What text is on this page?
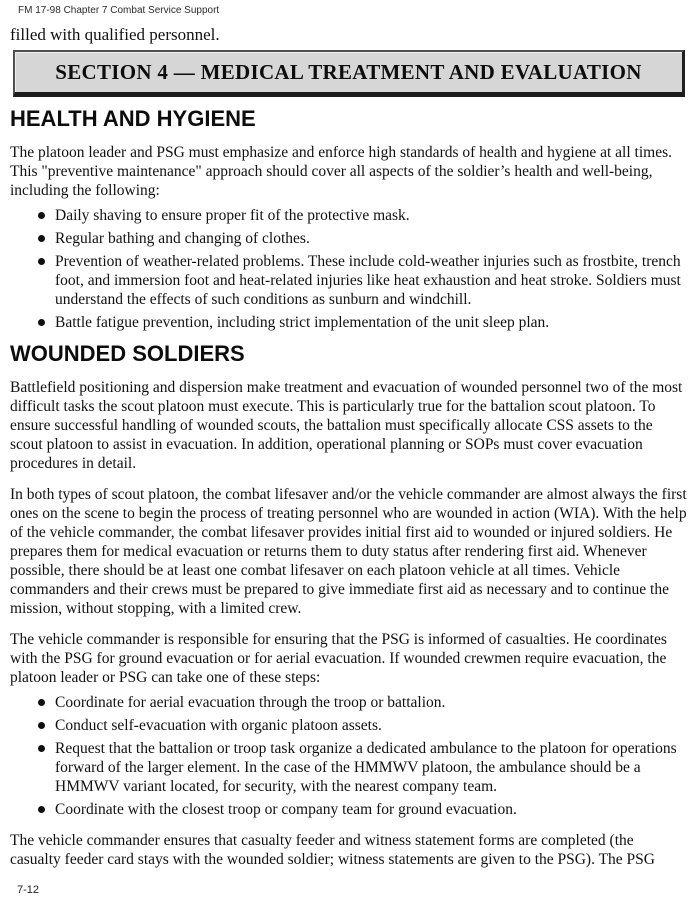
FM 17-98 Chapter 7 Combat Service Support

filled with qualified personnel.

SECTION 4 — MEDICAL TREATMENT AND EVALUATION
HEALTH AND HYGIENE

The platoon leader and PSG must emphasize and enforce high standards of health and hygiene at all times. This "preventive maintenance" approach should cover all aspects of the soldier’s health and well-being, including the following:

Daily shaving to ensure proper fit of the protective mask.
Regular bathing and changing of clothes.
Prevention of weather-related problems. These include cold-weather injuries such as frostbite, trench foot, and immersion foot and heat-related injuries like heat exhaustion and heat stroke. Soldiers must understand the effects of such conditions as sunburn and windchill.
Battle fatigue prevention, including strict implementation of the unit sleep plan.
WOUNDED SOLDIERS

Battlefield positioning and dispersion make treatment and evacuation of wounded personnel two of the most difficult tasks the scout platoon must execute. This is particularly true for the battalion scout platoon. To ensure successful handling of wounded scouts, the battalion must specifically allocate CSS assets to the scout platoon to assist in evacuation. In addition, operational planning or SOPs must cover evacuation procedures in detail.

In both types of scout platoon, the combat lifesaver and/or the vehicle commander are almost always the first ones on the scene to begin the process of treating personnel who are wounded in action (WIA). With the help of the vehicle commander, the combat lifesaver provides initial first aid to wounded or injured soldiers. He prepares them for medical evacuation or returns them to duty status after rendering first aid. Whenever possible, there should be at least one combat lifesaver on each platoon vehicle at all times. Vehicle commanders and their crews must be prepared to give immediate first aid as necessary and to continue the mission, without stopping, with a limited crew.

The vehicle commander is responsible for ensuring that the PSG is informed of casualties. He coordinates with the PSG for ground evacuation or for aerial evacuation. If wounded crewmen require evacuation, the platoon leader or PSG can take one of these steps:

Coordinate for aerial evacuation through the troop or battalion.
Conduct self-evacuation with organic platoon assets.
Request that the battalion or troop task organize a dedicated ambulance to the platoon for operations forward of the larger element. In the case of the HMMWV platoon, the ambulance should be a HMMWV variant located, for security, with the nearest company team.
Coordinate with the closest troop or company team for ground evacuation.

The vehicle commander ensures that casualty feeder and witness statement forms are completed (the casualty feeder card stays with the wounded soldier; witness statements are given to the PSG). The PSG

7-12
